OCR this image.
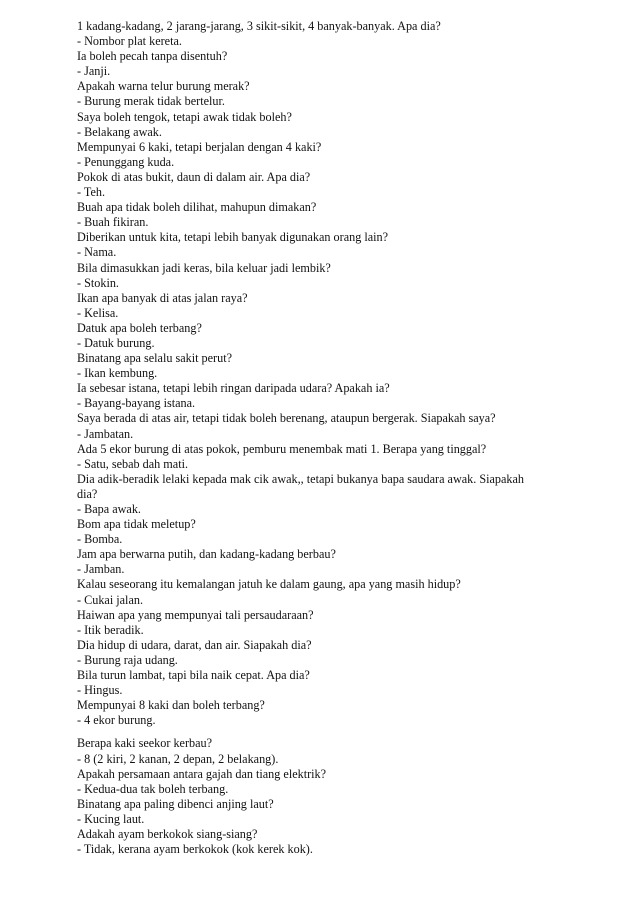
1 kadang-kadang, 2 jarang-jarang, 3 sikit-sikit, 4 banyak-banyak. Apa dia?
- Nombor plat kereta.
Ia boleh pecah tanpa disentuh?
- Janji.
Apakah warna telur burung merak?
- Burung merak tidak bertelur.
Saya boleh tengok, tetapi awak tidak boleh?
- Belakang awak.
Mempunyai 6 kaki, tetapi berjalan dengan 4 kaki?
- Penunggang kuda.
Pokok di atas bukit, daun di dalam air. Apa dia?
- Teh.
Buah apa tidak boleh dilihat, mahupun dimakan?
- Buah fikiran.
Diberikan untuk kita, tetapi lebih banyak digunakan orang lain?
- Nama.
Bila dimasukkan jadi keras, bila keluar jadi lembik?
- Stokin.
Ikan apa banyak di atas jalan raya?
- Kelisa.
Datuk apa boleh terbang?
- Datuk burung.
Binatang apa selalu sakit perut?
- Ikan kembung.
Ia sebesar istana, tetapi lebih ringan daripada udara? Apakah ia?
- Bayang-bayang istana.
Saya berada di atas air, tetapi tidak boleh berenang, ataupun bergerak. Siapakah saya?
- Jambatan.
Ada 5 ekor burung di atas pokok, pemburu menembak mati 1. Berapa yang tinggal?
- Satu, sebab dah mati.
Dia adik-beradik lelaki kepada mak cik awak,, tetapi bukanya bapa saudara awak. Siapakah
dia?
- Bapa awak.
Bom apa tidak meletup?
- Bomba.
Jam apa berwarna putih, dan kadang-kadang berbau?
- Jamban.
Kalau seseorang itu kemalangan jatuh ke dalam gaung, apa yang masih hidup?
- Cukai jalan.
Haiwan apa yang mempunyai tali persaudaraan?
- Itik beradik.
Dia hidup di udara, darat, dan air. Siapakah dia?
- Burung raja udang.
Bila turun lambat, tapi bila naik cepat. Apa dia?
- Hingus.
Mempunyai 8 kaki dan boleh terbang?
- 4 ekor burung.
Berapa kaki seekor kerbau?
- 8 (2 kiri, 2 kanan, 2 depan, 2 belakang).
Apakah persamaan antara gajah dan tiang elektrik?
- Kedua-dua tak boleh terbang.
Binatang apa paling dibenci anjing laut?
- Kucing laut.
Adakah ayam berkokok siang-siang?
- Tidak, kerana ayam berkokok (kok kerek kok).
